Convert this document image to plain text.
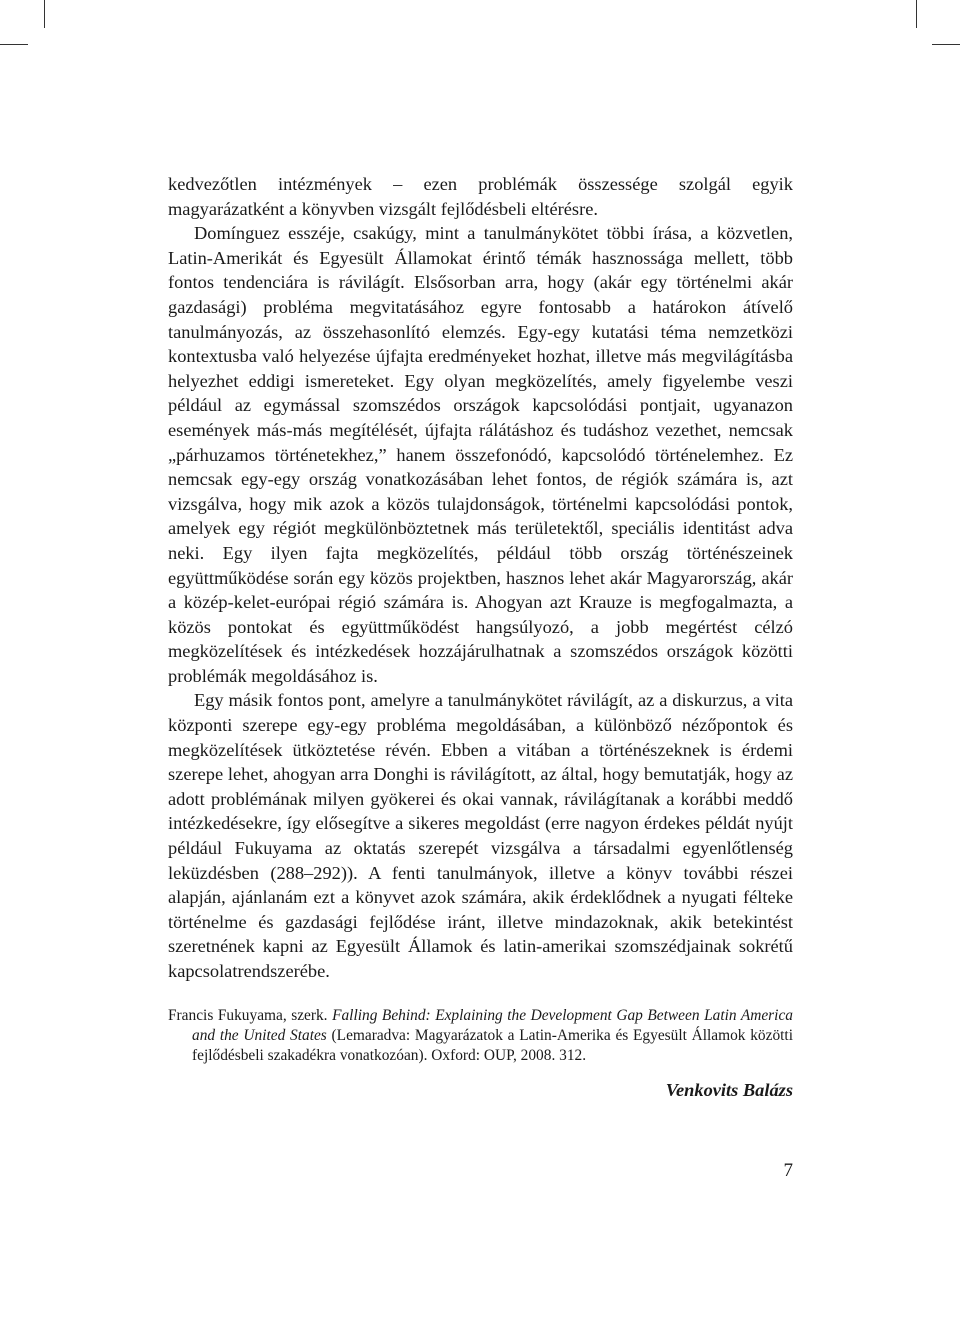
kedvezőtlen intézmények – ezen problémák összessége szolgál egyik magyarázatként a könyvben vizsgált fejlődésbeli eltérésre.

Domínguez esszéje, csakúgy, mint a tanulmánykötet többi írása, a közvetlen, Latin-Amerikát és Egyesült Államokat érintő témák hasznossága mellett, több fontos tendenciára is rávilágít. Elsősorban arra, hogy (akár egy történelmi akár gazdasági) probléma megvitatásához egyre fontosabb a határokon átívelő tanulmányozás, az összehasonlító elemzés. Egy-egy kutatási téma nemzetközi kontextusba való helyezése újfajta eredményeket hozhat, illetve más megvilágításba helyezhet eddigi ismereteket. Egy olyan megközelítés, amely figyelembe veszi például az egymással szomszédos országok kapcsolódási pontjait, ugyanazon események más-más megítélését, újfajta rálátáshoz és tudáshoz vezethet, nemcsak „párhuzamos történetekhez,” hanem összefonódó, kapcsolódó történelemhez. Ez nemcsak egy-egy ország vonatkozásában lehet fontos, de régiók számára is, azt vizsgálva, hogy mik azok a közös tulajdonságok, történelmi kapcsolódási pontok, amelyek egy régiót megkülönböztetnek más területektől, speciális identitást adva neki. Egy ilyen fajta megközelítés, például több ország történészeinek együttműködése során egy közös projektben, hasznos lehet akár Magyarország, akár a közép-kelet-európai régió számára is. Ahogyan azt Krauze is megfogalmazta, a közös pontokat és együttműködést hangsúlyozó, a jobb megértést célzó megközelítések és intézkedések hozzájárulhatnak a szomszédos országok közötti problémák megoldásához is.

Egy másik fontos pont, amelyre a tanulmánykötet rávilágít, az a diskurzus, a vita központi szerepe egy-egy probléma megoldásában, a különböző nézőpontok és megközelítések ütköztetése révén. Ebben a vitában a történészeknek is érdemi szerepe lehet, ahogyan arra Donghi is rávilágított, az által, hogy bemutatják, hogy az adott problémának milyen gyökerei és okai vannak, rávilágítanak a korábbi meddő intézkedésekre, így elősegítve a sikeres megoldást (erre nagyon érdekes példát nyújt például Fukuyama az oktatás szerepét vizsgálva a társadalmi egyenlőtlenség leküzdésben (288–292)). A fenti tanulmányok, illetve a könyv további részei alapján, ajánlanám ezt a könyvet azok számára, akik érdeklődnek a nyugati félteke történelme és gazdasági fejlődése iránt, illetve mindazoknak, akik betekintést szeretnének kapni az Egyesült Államok és latin-amerikai szomszédjainak sokrétű kapcsolatrendszerébe.

Francis Fukuyama, szerk. Falling Behind: Explaining the Development Gap Between Latin America and the United States (Lemaradva: Magyarázatok a Latin-Amerika és Egyesült Államok közötti fejlődésbeli szakadékra vonatkozóan). Oxford: OUP, 2008. 312.

Venkovits Balázs

7
